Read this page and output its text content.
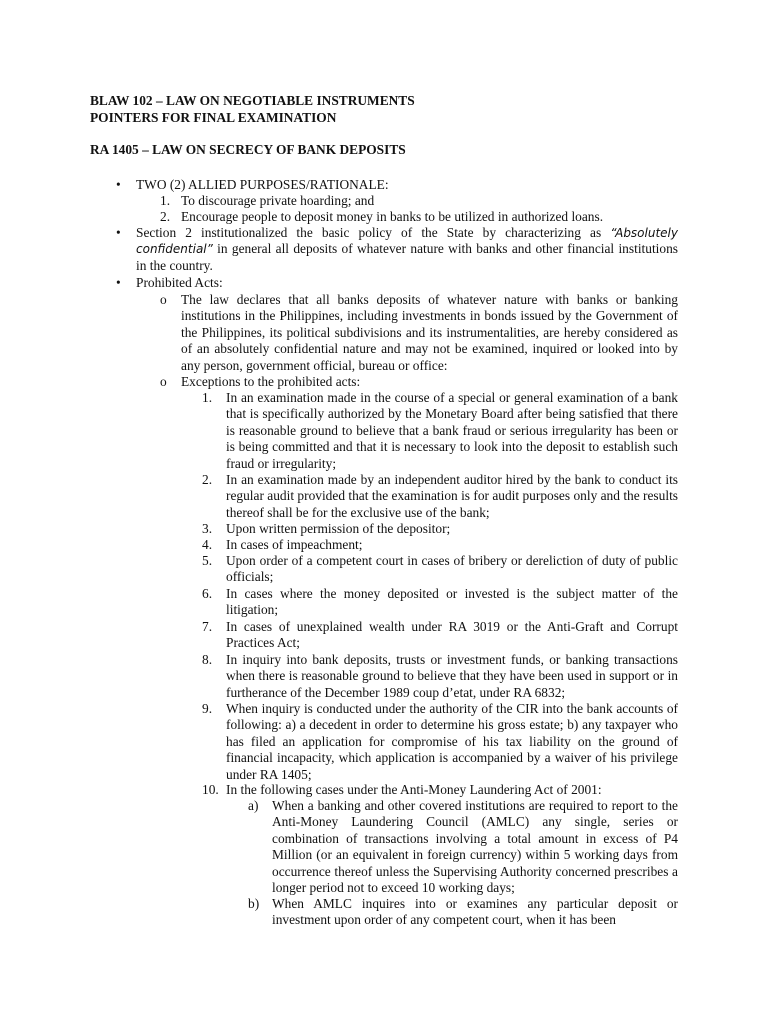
BLAW 102 – LAW ON NEGOTIABLE INSTRUMENTS
POINTERS FOR FINAL EXAMINATION
RA 1405 – LAW ON SECRECY OF BANK DEPOSITS
• TWO (2) ALLIED PURPOSES/RATIONALE:
1. To discourage private hoarding; and
2. Encourage people to deposit money in banks to be utilized in authorized loans.
• Section 2 institutionalized the basic policy of the State by characterizing as “Absolutely confidential” in general all deposits of whatever nature with banks and other financial institutions in the country.
• Prohibited Acts:
o The law declares that all banks deposits of whatever nature with banks or banking institutions in the Philippines, including investments in bonds issued by the Government of the Philippines, its political subdivisions and its instrumentalities, are hereby considered as of an absolutely confidential nature and may not be examined, inquired or looked into by any person, government official, bureau or office:
o Exceptions to the prohibited acts:
1. In an examination made in the course of a special or general examination of a bank that is specifically authorized by the Monetary Board after being satisfied that there is reasonable ground to believe that a bank fraud or serious irregularity has been or is being committed and that it is necessary to look into the deposit to establish such fraud or irregularity;
2. In an examination made by an independent auditor hired by the bank to conduct its regular audit provided that the examination is for audit purposes only and the results thereof shall be for the exclusive use of the bank;
3. Upon written permission of the depositor;
4. In cases of impeachment;
5. Upon order of a competent court in cases of bribery or dereliction of duty of public officials;
6. In cases where the money deposited or invested is the subject matter of the litigation;
7. In cases of unexplained wealth under RA 3019 or the Anti-Graft and Corrupt Practices Act;
8. In inquiry into bank deposits, trusts or investment funds, or banking transactions when there is reasonable ground to believe that they have been used in support or in furtherance of the December 1989 coup d’etat, under RA 6832;
9. When inquiry is conducted under the authority of the CIR into the bank accounts of following: a) a decedent in order to determine his gross estate; b) any taxpayer who has filed an application for compromise of his tax liability on the ground of financial incapacity, which application is accompanied by a waiver of his privilege under RA 1405;
10. In the following cases under the Anti-Money Laundering Act of 2001:
a) When a banking and other covered institutions are required to report to the Anti-Money Laundering Council (AMLC) any single, series or combination of transactions involving a total amount in excess of P4 Million (or an equivalent in foreign currency) within 5 working days from occurrence thereof unless the Supervising Authority concerned prescribes a longer period not to exceed 10 working days;
b) When AMLC inquires into or examines any particular deposit or investment upon order of any competent court, when it has been
